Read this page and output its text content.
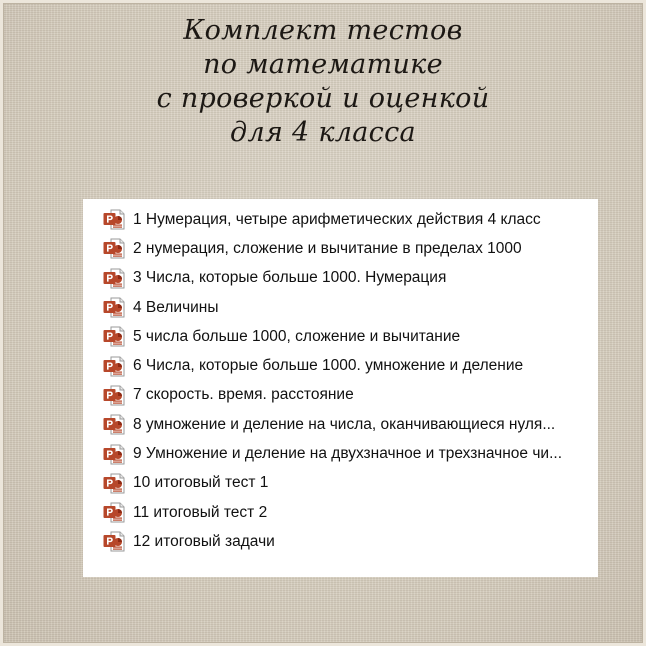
Комплект тестов
по математике
с проверкой и оценкой
для 4 класса
1 Нумерация, четыре арифметических действия 4 класс
2 нумерация, сложение и вычитание в пределах 1000
3 Числа, которые больше 1000. Нумерация
4 Величины
5 числа больше 1000, сложение и вычитание
6 Числа, которые больше 1000. умножение и деление
7 скорость. время. расстояние
8 умножение и деление на числа, оканчивающиеся нуля...
9 Умножение и деление на двухзначное и трехзначное чи...
10 итоговый тест 1
11 итоговый тест 2
12 итоговый задачи
